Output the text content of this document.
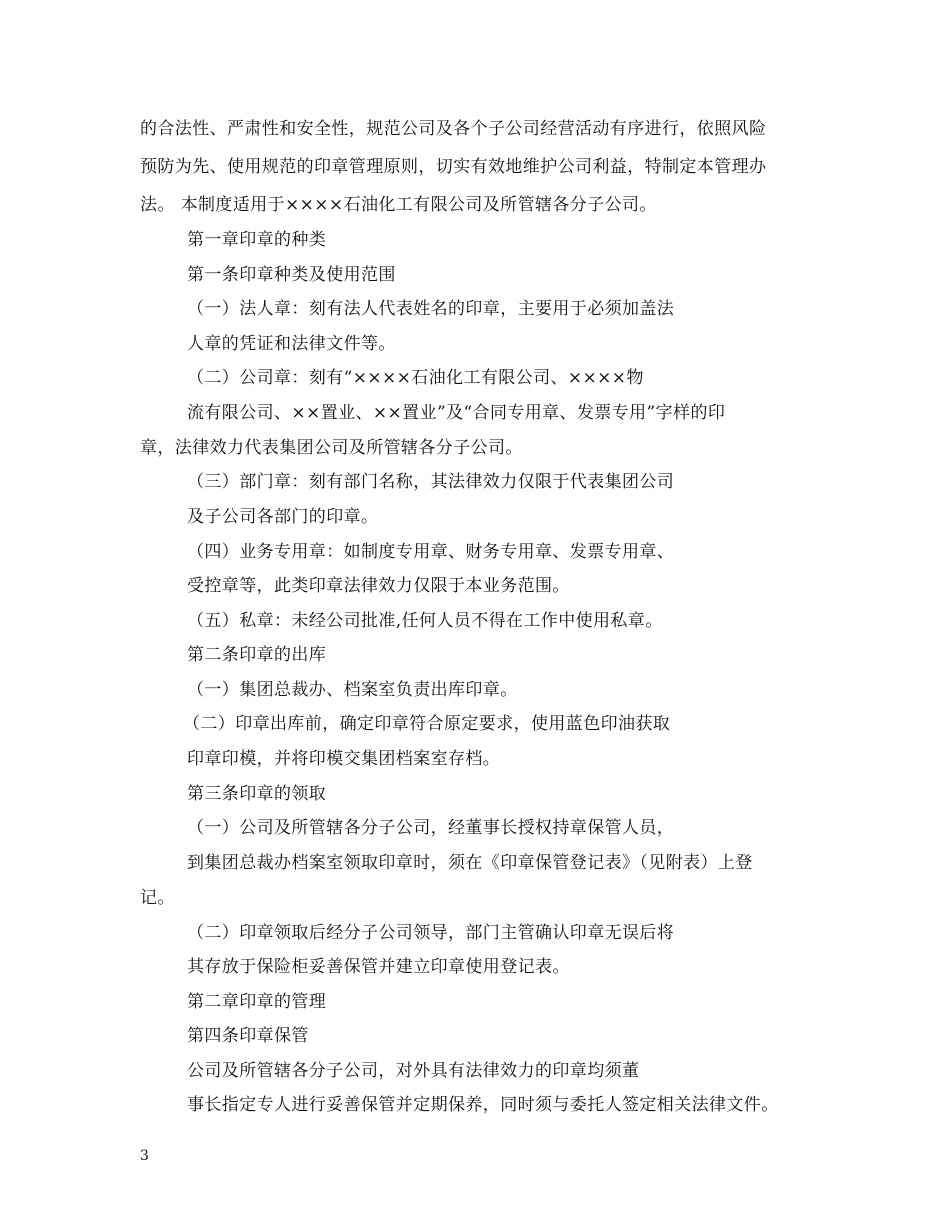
的合法性、严肃性和安全性，规范公司及各个子公司经营活动有序进行，依照风险
预防为先、使用规范的印章管理原则，切实有效地维护公司利益，特制定本管理办
法。 本制度适用于××××石油化工有限公司及所管辖各分子公司。
第一章印章的种类
第一条印章种类及使用范围
（一）法人章：刻有法人代表姓名的印章，主要用于必须加盖法
人章的凭证和法律文件等。
（二）公司章：刻有“××××石油化工有限公司、××××物
流有限公司、××置业、××置业”及“合同专用章、发票专用”字样的印
章，法律效力代表集团公司及所管辖各分子公司。
（三）部门章：刻有部门名称，其法律效力仅限于代表集团公司
及子公司各部门的印章。
（四）业务专用章：如制度专用章、财务专用章、发票专用章、
受控章等，此类印章法律效力仅限于本业务范围。
（五）私章：未经公司批准,任何人员不得在工作中使用私章。
第二条印章的出库
（一）集团总裁办、档案室负责出库印章。
（二）印章出库前，确定印章符合原定要求，使用蓝色印油获取
印章印模，并将印模交集团档案室存档。
第三条印章的领取
（一）公司及所管辖各分子公司，经董事长授权持章保管人员，
到集团总裁办档案室领取印章时，须在《印章保管登记表》（见附表）上登
记。
（二）印章领取后经分子公司领导，部门主管确认印章无误后将
其存放于保险柜妥善保管并建立印章使用登记表。
第二章印章的管理
第四条印章保管
公司及所管辖各分子公司，对外具有法律效力的印章均须董
事长指定专人进行妥善保管并定期保养，同时须与委托人签定相关法律文件。
3
